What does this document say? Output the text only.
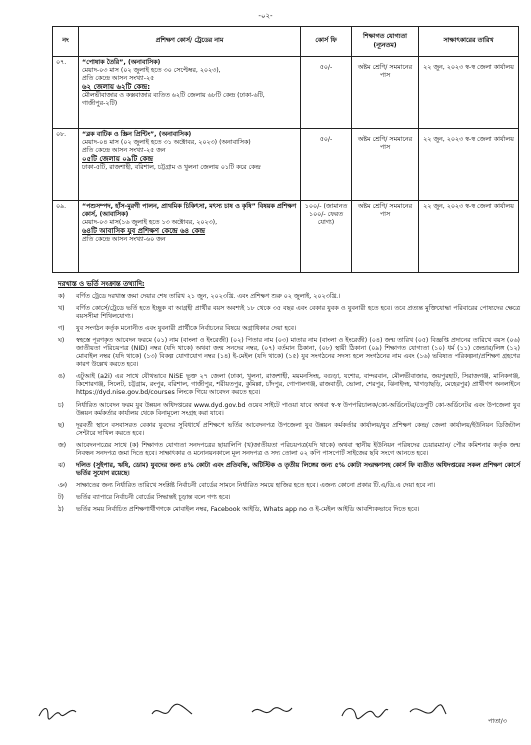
-০২-
নং	প্রশিক্ষণ কোর্স/ ট্রেডের নাম	কোর্স ফি	শিক্ষাগত যোগ্যতা (ন্যূনতম)	সাক্ষাৎকারের তারিখ
০৭.	“পোষাক তৈরি”, (অনাবাসিক)
মেয়াদ-০৩ মাস (০২ জুলাই হতে ৩০ সেপ্টেম্বর, ২০২৩),
প্রতি কেন্দ্রে আসন সংখ্যা-২৫
৬২ জেলায় ৬২টি কেন্দ্র:
মৌলভীবাজার ও কক্সবাজার ব্যতিত ৬২টি জেলায় ৬৮টি কেন্দ্র (ঢাকা-৬টি, গাজীপুর-২টি)	৫০/-	অষ্টম শ্রেণি/ সমমানের পাস	২২ জুন, ২০২৩ স্ব-স্ব জেলা কার্যালয়

০৮.	“ব্লক বাটিক ও স্ক্রিন প্রিন্টিং”, (অনাবাসিক)
মেয়াদ-০৪ মাস (০২ জুলাই হতে ৩১ অক্টোবর, ২০২৩) (অনাবাসিক)
প্রতি কেন্দ্রে আসন সংখ্যা-২৫ জন
০৫টি জেলায় ০৯টি কেন্দ্র
ঢাকা-৫টি, রাজশাহী, বরিশাল, চট্টগ্রাম ও খুলনা জেলায় ০১টি করে কেন্দ্র	৫০/-	অষ্টম শ্রেণি/ সমমানের পাস	২২ জুন, ২০২৩ স্ব-স্ব জেলা কার্যালয়

০৯.	“পশুসম্পদ, হাঁস-মুরগী পালন, প্রাথমিক চিকিৎসা, মৎস্য চাষ ও কৃষি” বিষয়ক প্রশিক্ষণ কোর্স, (আবাসিক)
মেয়াদ-০৩ মাস(১৬ জুলাই হতে ১৩ অক্টোবর, ২০২৩),
৬৪টি আবাসিক যুব প্রশিক্ষণ কেন্দ্রে ৬৪ কেন্দ্র
প্রতি কেন্দ্রে আসন সংখ্যা-৬০ জন	১০০/- (জামানত ১০০/- ফেরত যোগ্য)	অষ্টম শ্রেণি/ সমমানের পাস	২২ জুন, ২০২৩ স্ব-স্ব জেলা কার্যালয়
দরখাস্ত ও ভর্তি সংক্রান্ত তথ্যাদি:
ক)	বর্ণিত ট্রেডে দরখাস্ত জমা দেয়ার শেষ তারিখ ২১ জুন, ২০২৩খ্রি. এবং প্রশিক্ষণ শুরু ০২ জুলাই, ২০২৩খ্রি.।
খ)	বর্ণিত কোর্সে/ট্রেডে ভর্তি হতে ইচ্ছুক বা আগ্রহী প্রার্থীর বয়স অবশ্যই ১৮ থেকে ৩৫ বছর এবং বেকার যুবক ও যুবনারী হতে হবে। তবে প্রত্যন্ত মুক্তিযোদ্ধা পরিবারের পোষ্যদের ক্ষেত্রে বয়সসীমা শিথিলযোগ্য।
গ)	যুব সংগঠন কর্তৃক মনোনীত এবং যুবনারী প্রার্থীকে নির্বাচনের বিষয়ে অগ্রাধিকার দেয়া হবে।
ঘ)	স্বহস্তে পূরণকৃত আবেদন ফরমে (০১) নাম (বাংলা ও ইংরেজী) (০২) পিতার নাম (০৩) মাতার নাম (বাংলা ও ইংরেজী) (০৪) জন্ম তারিখ (০৫) বিজ্ঞপ্তি প্রদানের তারিখে বয়স (০৬) জাতীয়তা পরিচয়পত্র (NID) নম্বর (যদি থাকে) অথবা জন্ম সনদের নম্বর, (০৭) বর্তমান ঠিকানা, (০৮) স্থায়ী ঠিকানা (০৯) শিক্ষাগত যোগ্যতা (১০) ধর্ম (১১) জেন্ডার/লিঙ্গ (১২) মোবাইল নম্বর (যদি থাকে) (১৩) বিকল্প যোগাযোগ নম্বর (১৪) ই-মেইল (যদি থাকে) (১৫) যুব সংগঠনের সদস্য হলে সংগঠনের নাম এবং (১৬) ভবিষ্যত পরিকল্পনা/প্রশিক্ষণ গ্রহণের কারণ উল্লেখ করতে হবে।
ঙ)	এটুআই (a2i) এর সাথে যৌথভাবে NiSE ভূক্ত ২৭ জেলা (ঢাকা, খুলনা, রাজশাহী, ময়মনসিংহ, বগুড়া, যশোর, বান্দরবান, মৌলভীবাজার, জয়পুরহাট, সিরাজগঞ্জ, মানিকগঞ্জ, কিশোরগঞ্জ, সিলেট, চট্টগ্রাম, রংপুর, বরিশাল, গাজীপুর, শরীয়তপুর, কুমিল্লা, চাঁদপুর, গোপালগঞ্জ, রাজবাড়ী, ভোলা, শেরপুর, ঝিনাইদহ, খাগড়াছড়ি, মেহেরপুর) প্রার্থীগণ অনলাইনে https://dyd.nise.gov.bd/courses লিংকে গিয়ে আবেদন করতে হবে।
চ)	নির্ধারিত আবেদন ফরম যুব উন্নয়ন অধিদপ্তরের www.dyd.gov.bd ওয়েব সাইটে পাওয়া যাবে অথবা স্ব-স্ব উপপরিচালক/কো-অর্ডিনেটর/ডেপুটি কো-অর্ডিনেটর এবং উপজেলা যুব উন্নয়ন কর্মকর্তার কার্যালয় থেকে বিনামূল্যে সংগ্রহ করা যাবে।
ছ)	দূরবর্তী স্থানে বসবাসরত বেকার যুবদের সুবিধার্থে প্রশিক্ষণে ভর্তির আবেদনপত্র উপজেলা যুব উন্নয়ন কর্মকর্তার কার্যালয়/যুব প্রশিক্ষণ কেন্দ্র/ জেলা কার্যালয়/ইউনিয়ন ডিজিটাল সেন্টারে দাখিল করতে হবে।
জ)	আবেদনপত্রের সাথে (ক) শিক্ষাগত যোগ্যতা সনদপত্রের ছায়ালিপি (খ)জাতীয়তা পরিচয়পত্র(যদি থাকে) অথবা স্থানীয় ইউনিয়ন পরিষদের চেয়ারম্যান/ পৌর কমিশনার কর্তৃক জন্ম নিবন্ধন সনদপত্র জমা দিতে হবে। সাক্ষাৎকার ও মনোনয়নকালে মূল সনদপত্র ও সদ্য তোলা ০২ কপি পাসপোর্ট সাইজের ছবি সংগে আনতে হবে।
ঝ)	দলিত (সুইপার, ঋষি, ডোম) যুবদের জন্য ৪% কোটা এবং প্রতিবন্ধি, অটিস্টিক ও তৃতীয় লিঙ্গের জন্য ৫% কোটা সংরক্ষণসহ কোর্স ফি ব্যতীত অধিদপ্তরের সকল প্রশিক্ষণ কোর্সে ভর্তির সুযোগ রয়েছে।
ঞ)	সাক্ষাতের জন্য নির্ধারিত তারিখে সংশ্লিষ্ট নির্বাচনী বোর্ডের সামনে নির্ধারিত সময়ে হাজির হতে হবে। এজন্য কোনো প্রকার টি.এ/ডি.এ দেয়া হবে না।
ট)	ভর্তির ব্যাপারে নির্বাচনী বোর্ডের সিদ্ধান্তই চূড়ান্ত বলে গণ্য হবে।
ঠ)	ভর্তির সময় নির্বাচিত প্রশিক্ষণার্থীগণকে মোবাইল নম্বর, Facebook আইডি, Whats app no ও ই-মেইল আইডি আবশ্যিকভাবে দিতে হবে।
পাতা/৩
